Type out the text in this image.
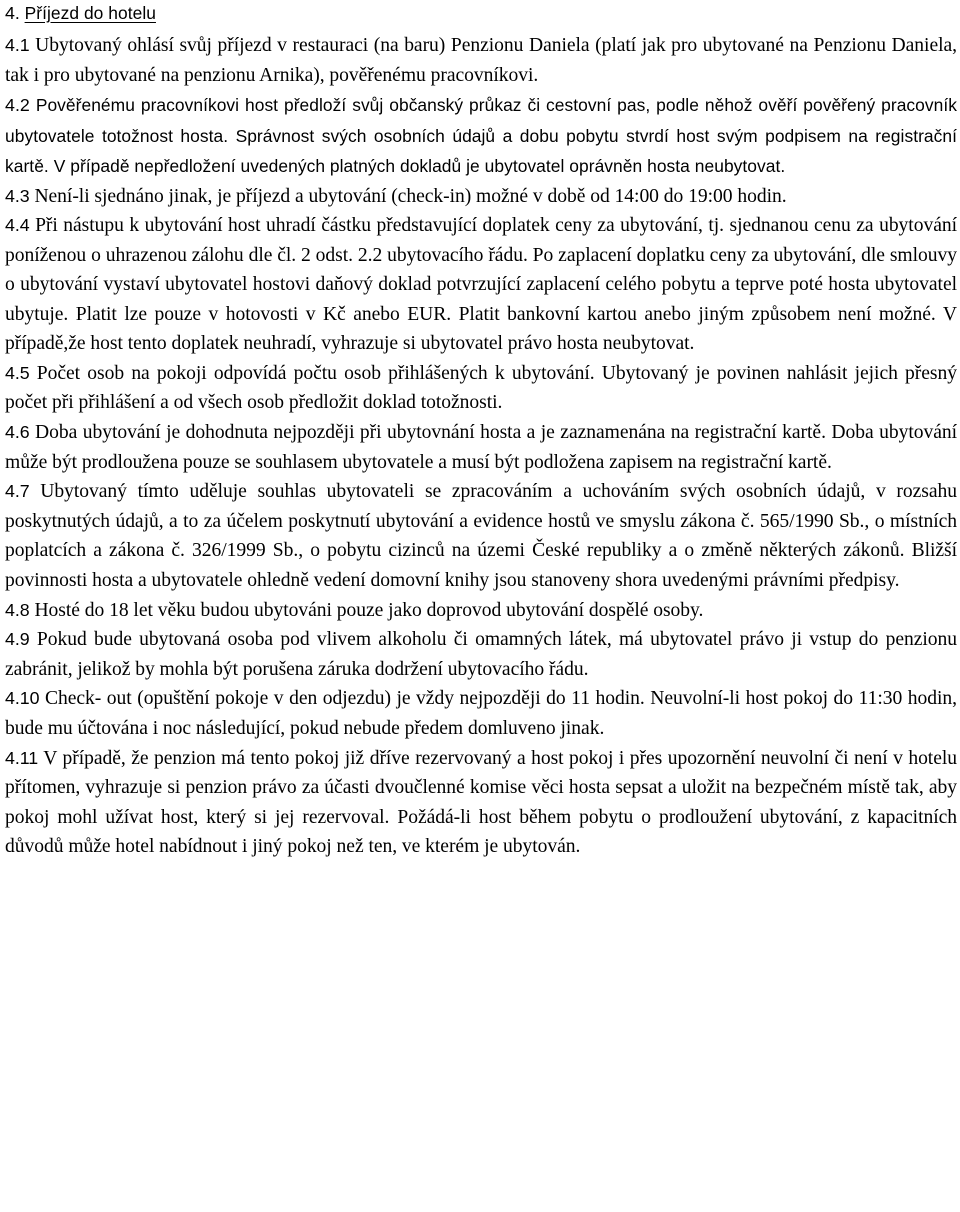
4. Příjezd do hotelu

4.1 Ubytovaný ohlásí svůj příjezd v restauraci (na baru) Penzionu Daniela (platí jak pro ubytované na Penzionu Daniela, tak i pro ubytované na penzionu Arnika), pověřenému pracovníkovi.

4.2 Pověřenému pracovníkovi host předloží svůj občanský průkaz či cestovní pas, podle něhož ověří pověřený pracovník ubytovatele totožnost hosta. Správnost svých osobních údajů a dobu pobytu stvrdí host svým podpisem na registrační kartě. V případě nepředložení uvedených platných dokladů je ubytovatel oprávněn hosta neubytovat.

4.3 Není-li sjednáno jinak, je příjezd a ubytování (check-in) možné v době od 14:00 do 19:00 hodin.

4.4 Při nástupu k ubytování host uhradí částku představující doplatek ceny za ubytování, tj. sjednanou cenu za ubytování poníženou o uhrazenou zálohu dle čl. 2 odst. 2.2 ubytovacího řádu. Po zaplacení doplatku ceny za ubytování, dle smlouvy o ubytování vystaví ubytovatel hostovi daňový doklad potvrzující zaplacení celého pobytu a teprve poté hosta ubytovatel ubytuje. Platit lze pouze v hotovosti v Kč anebo EUR. Platit bankovní kartou anebo jiným způsobem není možné. V případě,že host tento doplatek neuhradí, vyhrazuje si ubytovatel právo hosta neubytovat.

4.5 Počet osob na pokoji odpovídá počtu osob přihlášených k ubytování. Ubytovaný je povinen nahlásit jejich přesný počet při přihlášení a od všech osob předložit doklad totožnosti.

4.6 Doba ubytování je dohodnuta nejpozději při ubytovnání hosta a je zaznamenána na registrační kartě. Doba ubytování může být prodloužena pouze se souhlasem ubytovatele a musí být podložena zapisem na registrační kartě.

4.7 Ubytovaný tímto uděluje souhlas ubytovateli se zpracováním a uchováním svých osobních údajů, v rozsahu poskytnutých údajů, a to za účelem poskytnutí ubytování a evidence hostů ve smyslu zákona č. 565/1990 Sb., o místních poplatcích a zákona č. 326/1999 Sb., o pobytu cizinců na územi České republiky a o změně některých zákonů. Bližší povinnosti hosta a ubytovatele ohledně vedení domovní knihy jsou stanoveny shora uvedenými právními předpisy.

4.8 Hosté do 18 let věku budou ubytováni pouze jako doprovod ubytování dospělé osoby.

4.9 Pokud bude ubytovaná osoba pod vlivem alkoholu či omamných látek, má ubytovatel právo ji vstup do penzionu zabránit, jelikož by mohla být porušena záruka dodržení ubytovacího řádu.

4.10 Check- out (opuštění pokoje v den odjezdu) je vždy nejpozději do 11 hodin. Neuvolní-li host pokoj do 11:30 hodin, bude mu účtována i noc následující, pokud nebude předem domluveno jinak.

4.11 V případě, že penzion má tento pokoj již dříve rezervovaný a host pokoj i přes upozornění neuvolní či není v hotelu přítomen, vyhrazuje si penzion právo za účasti dvoučlenné komise věci hosta sepsat a uložit na bezpečném místě tak, aby pokoj mohl užívat host, který si jej rezervoval. Požádá-li host během pobytu o prodloužení ubytování, z kapacitních důvodů může hotel nabídnout i jiný pokoj než ten, ve kterém je ubytován.
